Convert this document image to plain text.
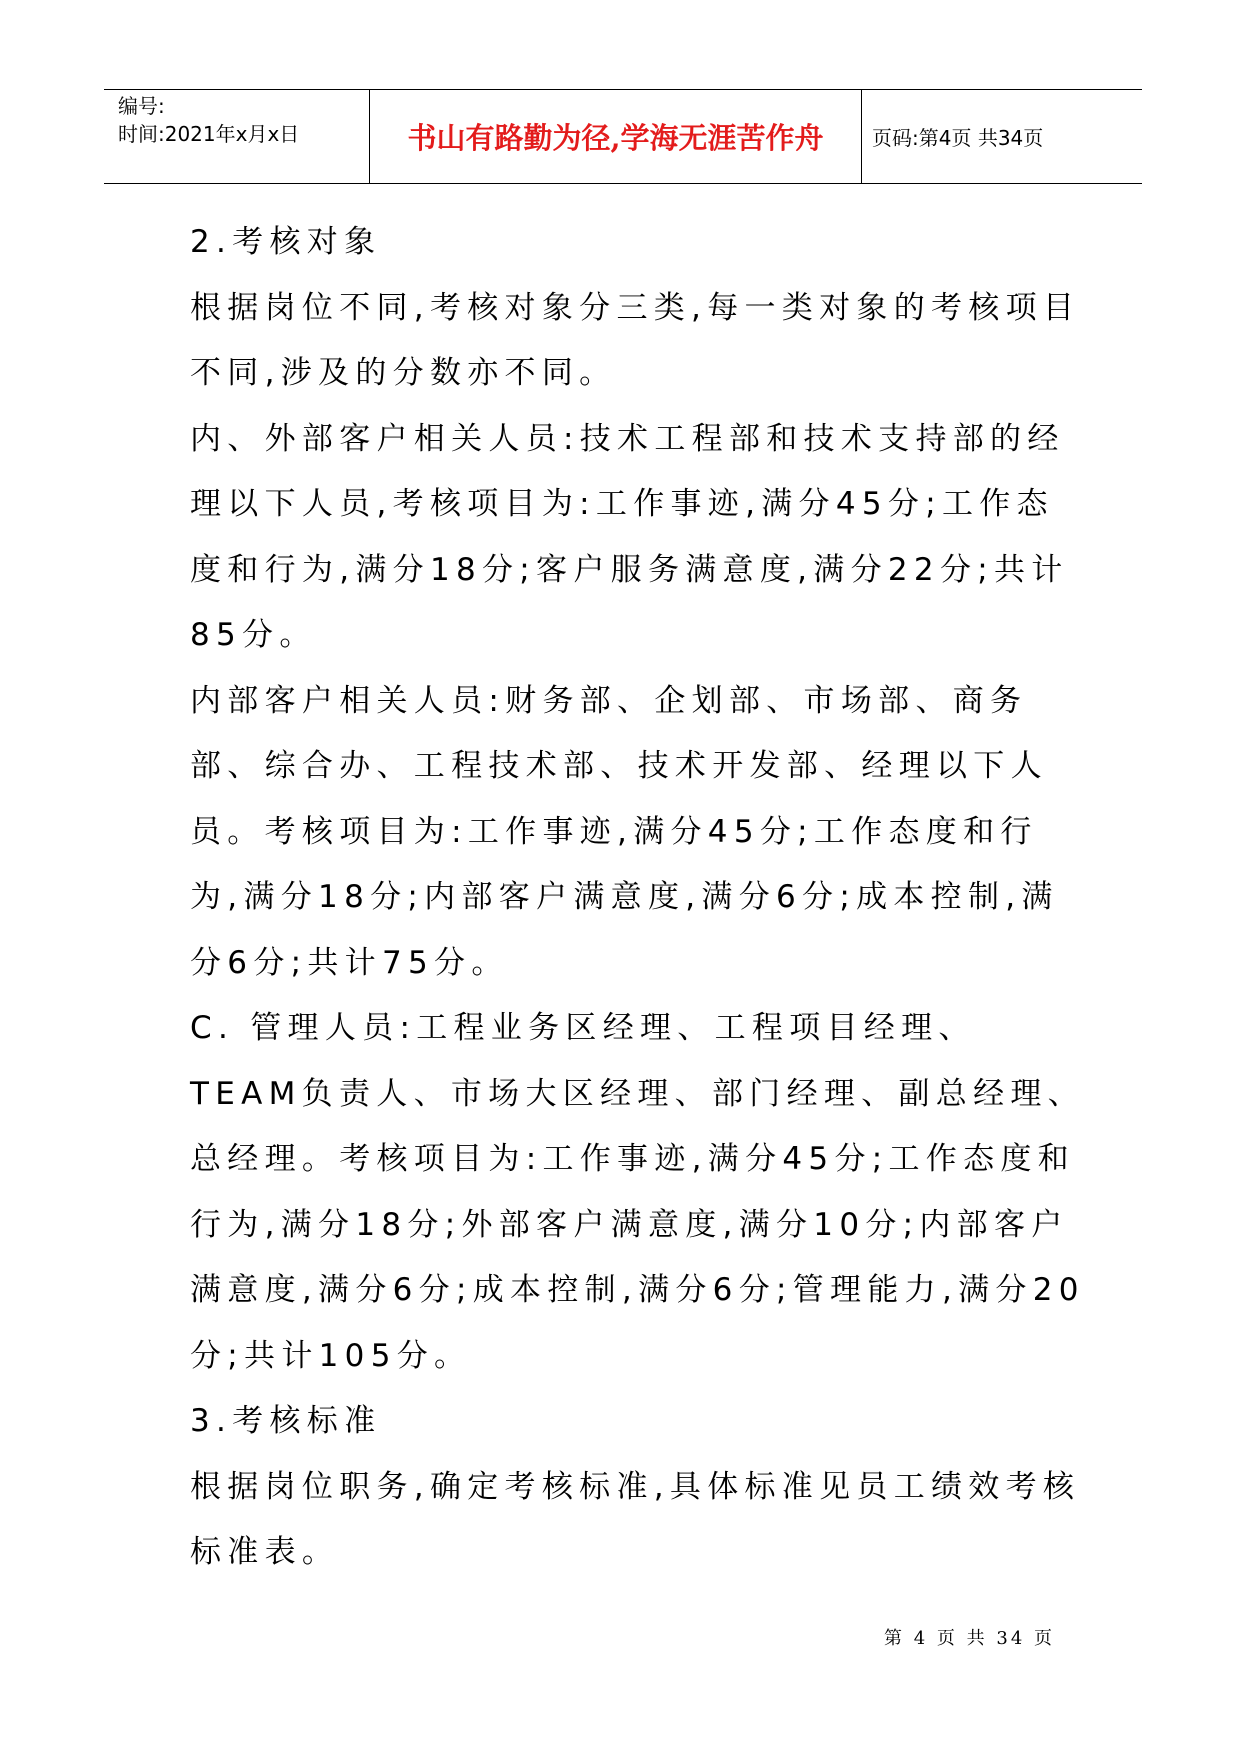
编号:
时间:2021年x月x日	书山有路勤为径,学海无涯苦作舟	页码:第4页 共34页

2.考核对象

根据岗位不同,考核对象分三类,每一类对象的考核项目不同,涉及的分数亦不同。

内、外部客户相关人员:技术工程部和技术支持部的经理以下人员,考核项目为:工作事迹,满分45分;工作态度和行为,满分18分;客户服务满意度,满分22分;共计85分。

内部客户相关人员:财务部、企划部、市场部、商务部、综合办、工程技术部、技术开发部、经理以下人员。考核项目为:工作事迹,满分45分;工作态度和行为,满分18分;内部客户满意度,满分6分;成本控制,满分6分;共计75分。

C. 管理人员:工程业务区经理、工程项目经理、TEAM负责人、市场大区经理、部门经理、副总经理、总经理。考核项目为:工作事迹,满分45分;工作态度和行为,满分18分;外部客户满意度,满分10分;内部客户满意度,满分6分;成本控制,满分6分;管理能力,满分20分;共计105分。

3.考核标准

根据岗位职务,确定考核标准,具体标准见员工绩效考核标准表。

第 4 页 共 34 页
